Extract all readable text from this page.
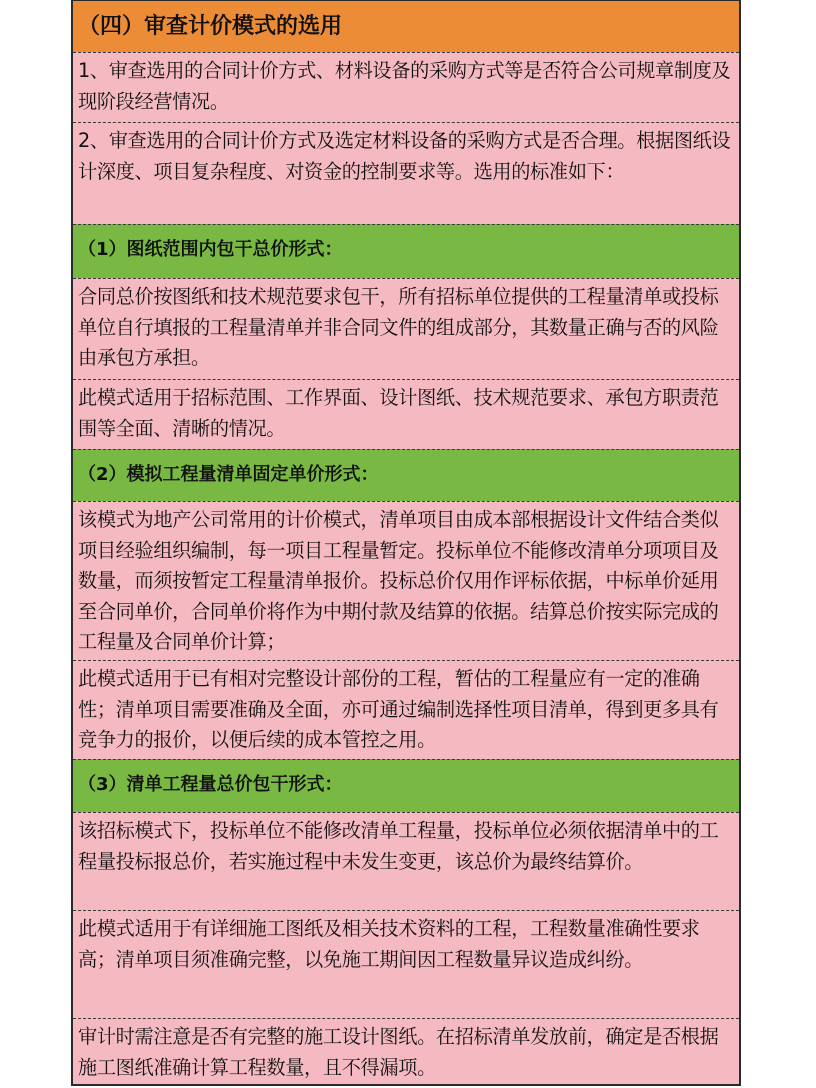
（四）审查计价模式的选用
1、审查选用的合同计价方式、材料设备的采购方式等是否符合公司规章制度及现阶段经营情况。
2、审查选用的合同计价方式及选定材料设备的采购方式是否合理。根据图纸设计深度、项目复杂程度、对资金的控制要求等。选用的标准如下：
（1）图纸范围内包干总价形式：
合同总价按图纸和技术规范要求包干，所有招标单位提供的工程量清单或投标单位自行填报的工程量清单并非合同文件的组成部分，其数量正确与否的风险由承包方承担。
此模式适用于招标范围、工作界面、设计图纸、技术规范要求、承包方职责范围等全面、清晰的情况。
（2）模拟工程量清单固定单价形式：
该模式为地产公司常用的计价模式，清单项目由成本部根据设计文件结合类似项目经验组织编制，每一项目工程量暂定。投标单位不能修改清单分项项目及数量，而须按暂定工程量清单报价。投标总价仅用作评标依据，中标单价延用至合同单价，合同单价将作为中期付款及结算的依据。结算总价按实际完成的工程量及合同单价计算；
此模式适用于已有相对完整设计部份的工程，暂估的工程量应有一定的准确性；清单项目需要准确及全面，亦可通过编制选择性项目清单，得到更多具有竞争力的报价，以便后续的成本管控之用。
（3）清单工程量总价包干形式：
该招标模式下，投标单位不能修改清单工程量，投标单位必须依据清单中的工程量投标报总价，若实施过程中未发生变更，该总价为最终结算价。
此模式适用于有详细施工图纸及相关技术资料的工程，工程数量准确性要求高；清单项目须准确完整，以免施工期间因工程数量异议造成纠纷。
审计时需注意是否有完整的施工设计图纸。在招标清单发放前，确定是否根据施工图纸准确计算工程数量，且不得漏项。
